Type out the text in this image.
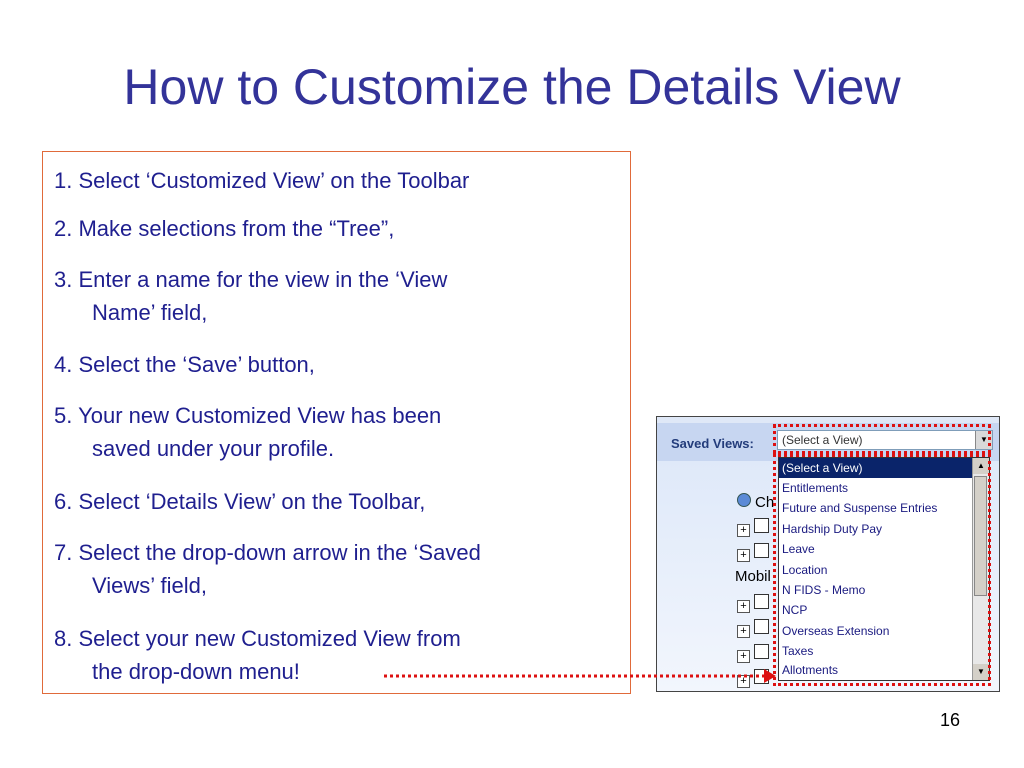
How to Customize the Details View
1. Select ‘Customized View’ on the Toolbar
2. Make selections from the “Tree”,
3. Enter a name for the view in the ‘View
Name’ field,
4. Select the ‘Save’ button,
5. Your new Customized View has been
saved under your profile.
6. Select ‘Details View’ on the Toolbar,
7. Select the drop-down arrow in the ‘Saved
Views’ field,
8. Select your new Customized View from
the drop-down menu!
Saved Views:	(Select a View)	▼
Ch
+
+
Mobil
+
+
+
+
(Select a View)
Entitlements
Future and Suspense Entries
Hardship Duty Pay
Leave
Location
N FIDS - Memo
NCP
Overseas Extension
Taxes
Allotments
▲
▼
16
